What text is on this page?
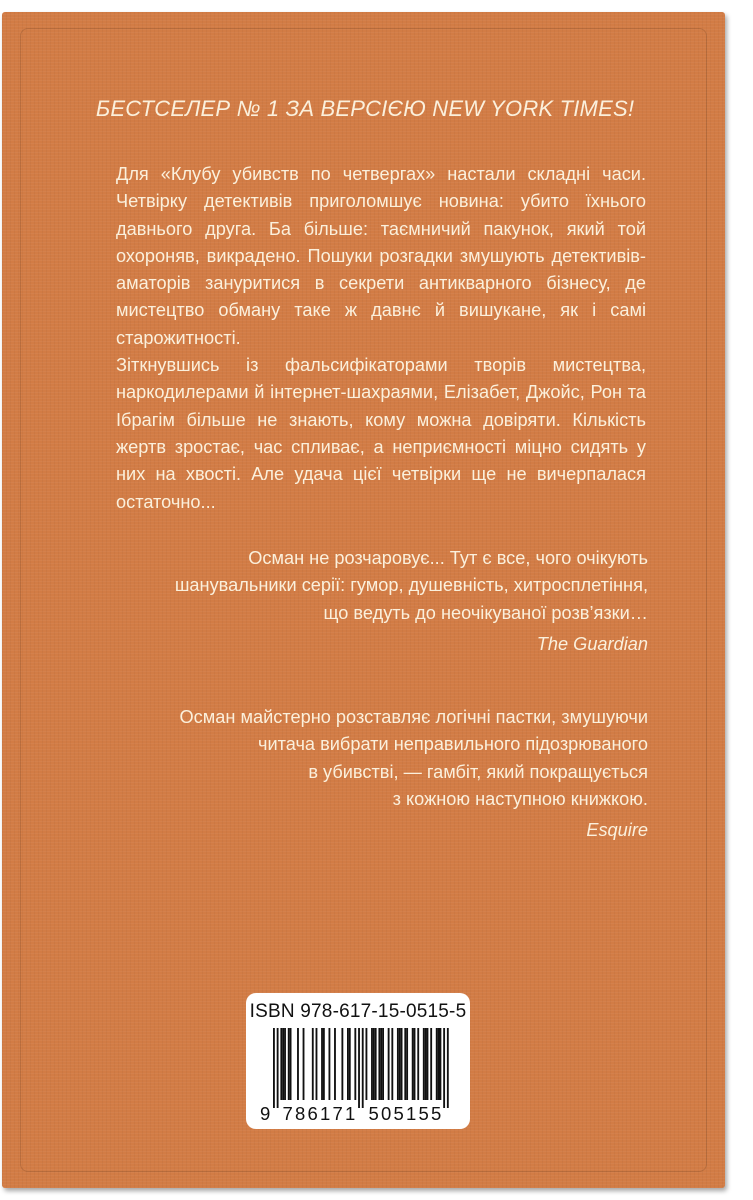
БЕСТСЕЛЕР № 1 ЗА ВЕРСІЄЮ NEW YORK TIMES!

Для «Клубу убивств по четвергах» настали складні часи. Четвірку детективів приголомшує новина: убито їхнього давнього друга. Ба більше: таємничий пакунок, який той охороняв, викрадено. Пошуки розгадки змушують детективів-аматорів зануритися в секрети антикварного бізнесу, де мистецтво обману таке ж давнє й вишукане, як і самі старожитності.

Зіткнувшись із фальсифікаторами творів мистецтва, наркодилерами й інтернет-шахраями, Елізабет, Джойс, Рон та Ібрагім більше не знають, кому можна довіряти. Кількість жертв зростає, час спливає, а неприємності міцно сидять у них на хвості. Але удача цієї четвірки ще не вичерпалася остаточно...

Осман не розчаровує... Тут є все, чого очікують
шанувальники серії: гумор, душевність, хитросплетіння,
що ведуть до неочікуваної розв’язки…
The Guardian
Осман майстерно розставляє логічні пастки, змушуючи
читача вибрати неправильного підозрюваного
в убивстві, — гамбіт, який покращується
з кожною наступною книжкою.
Esquire
ISBN 978-617-15-0515-5
9 786171 505155
